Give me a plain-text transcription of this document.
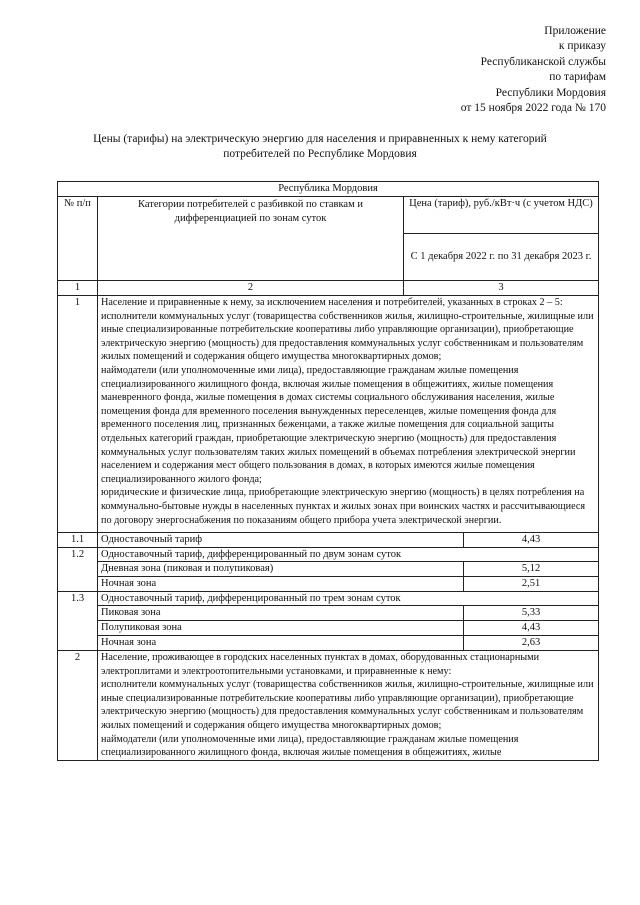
Приложение
к приказу
Республиканской службы
по тарифам
Республики Мордовия
от 15 ноября 2022 года № 170
Цены (тарифы) на электрическую энергию для населения и приравненных к нему категорий
потребителей по Республике Мордовия
Республика Мордовия			
№ п/п	Категории потребителей с разбивкой по ставкам и дифференциацией по зонам суток	Цена (тариф), руб./кВт·ч (с учетом НДС)	
		С 1 декабря 2022 г. по 31 декабря 2023 г.	
1	2	3	
1	Население и приравненные к нему, за исключением населения и потребителей, указанных в строках 2 – 5:
исполнители коммунальных услуг (товарищества собственников жилья, жилищно-строительные, жилищные или иные специализированные потребительские кооперативы либо управляющие организации), приобретающие электрическую энергию (мощность) для предоставления коммунальных услуг собственникам и пользователям жилых помещений и содержания общего имущества многоквартирных домов;
наймодатели (или уполномоченные ими лица), предоставляющие гражданам жилые помещения специализированного жилищного фонда, включая жилые помещения в общежитиях, жилые помещения маневренного фонда, жилые помещения в домах системы социального обслуживания населения, жилые помещения фонда для временного поселения вынужденных переселенцев, жилые помещения фонда для временного поселения лиц, признанных беженцами, а также жилые помещения для социальной защиты отдельных категорий граждан, приобретающие электрическую энергию (мощность) для предоставления коммунальных услуг пользователям таких жилых помещений в объемах потребления электрической энергии населением и содержания мест общего пользования в домах, в которых имеются жилые помещения специализированного жилого фонда;
юридические и физические лица, приобретающие электрическую энергию (мощность) в целях потребления на коммунально-бытовые нужды в населенных пунктах и жилых зонах при воинских частях и рассчитывающиеся по договору энергоснабжения по показаниям общего прибора учета электрической энергии.		

1.1	Одноставочный тариф		4,43
1.2	Одноставочный тариф, дифференцированный по двум зонам суток		
	Дневная зона (пиковая и полупиковая)		5,12
	Ночная зона		2,51
1.3	Одноставочный тариф, дифференцированный по трем зонам суток		
	Пиковая зона		5,33
	Полупиковая зона		4,43
	Ночная зона		2,63
2	Население, проживающее в городских населенных пунктах в домах, оборудованных стационарными электроплитами и электроотопительными установками, и приравненные к нему:
исполнители коммунальных услуг (товарищества собственников жилья, жилищно-строительные, жилищные или иные специализированные потребительские кооперативы либо управляющие организации), приобретающие электрическую энергию (мощность) для предоставления коммунальных услуг собственникам и пользователям жилых помещений и содержания общего имущества многоквартирных домов;
наймодатели (или уполномоченные ими лица), предоставляющие гражданам жилые помещения специализированного жилищного фонда, включая жилые помещения в общежитиях, жилые		
